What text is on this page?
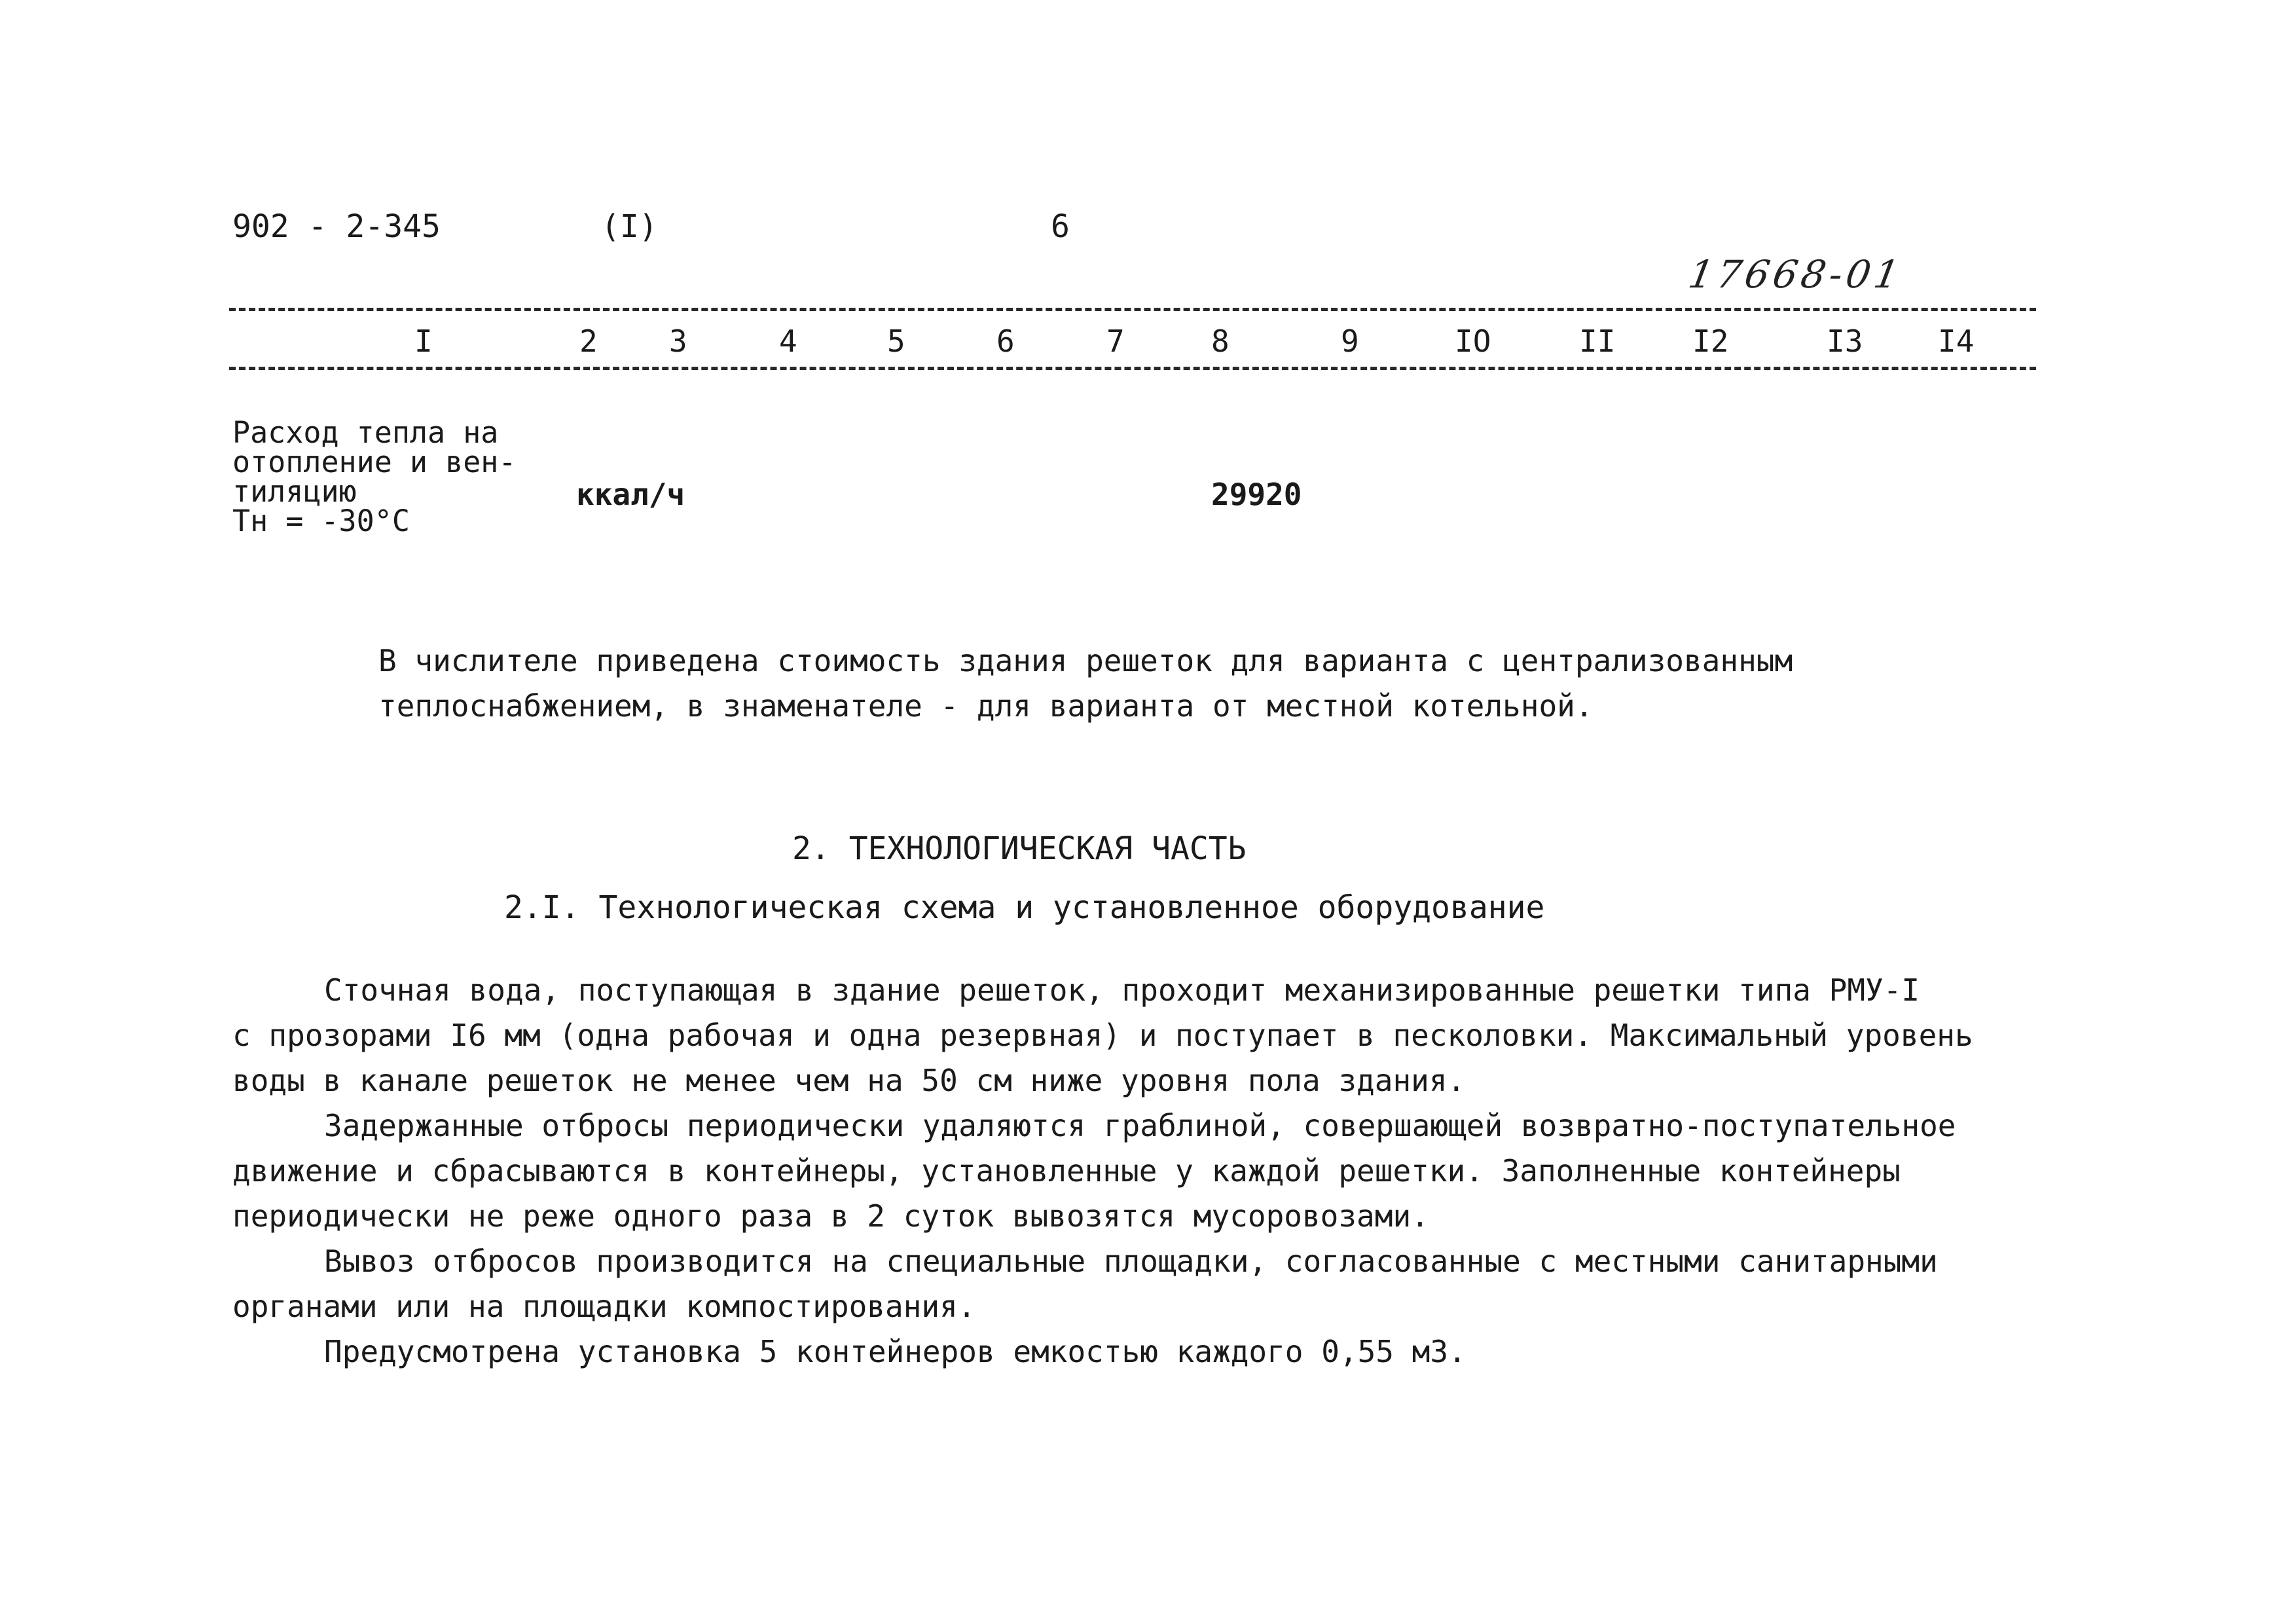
902 - 2-345	(I)	6
17668-01
I	2 3	4	5	6	7	8	9	IO	II	I2	I3 I4
Расход тепла на
отопление и вен-
тиляцию
Тн = -30°С
ккал/ч	29920
В числителе приведена стоимость здания решеток для варианта с централизованным
теплоснабжением, в знаменателе - для варианта от местной котельной.
2. ТЕХНОЛОГИЧЕСКАЯ ЧАСТЬ
2.I. Технологическая схема и установленное оборудование
Сточная вода, поступающая в здание решеток, проходит механизированные решетки типа РМУ-I
с прозорами I6 мм (одна рабочая и одна резервная) и поступает в песколовки. Максимальный уровень
воды в канале решеток не менее чем на 50 см ниже уровня пола здания.
Задержанные отбросы периодически удаляются граблиной, совершающей возвратно-поступательное
движение и сбрасываются в контейнеры, установленные у каждой решетки. Заполненные контейнеры
периодически не реже одного раза в 2 суток вывозятся мусоровозами.
Вывоз отбросов производится на специальные площадки, согласованные с местными санитарными
органами или на площадки компостирования.
Предусмотрена установка 5 контейнеров емкостью каждого 0,55 м3.
